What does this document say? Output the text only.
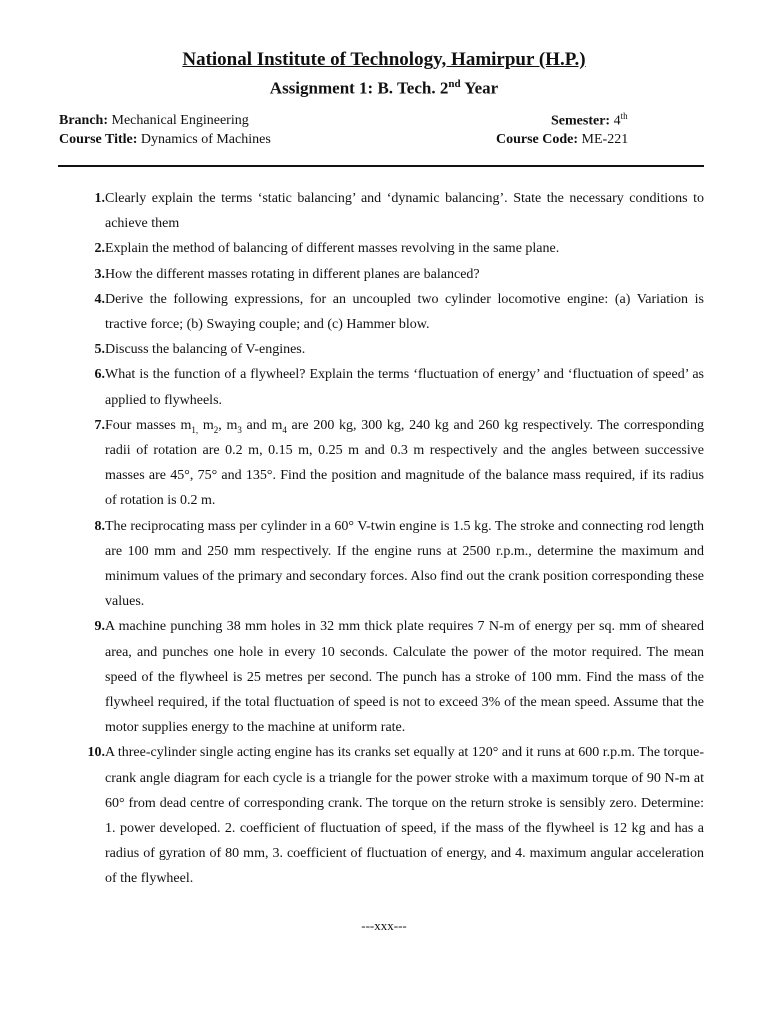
National Institute of Technology, Hamirpur (H.P.)
Assignment 1: B. Tech. 2nd Year
Branch: Mechanical Engineering	Semester: 4th
Course Title: Dynamics of Machines	Course Code: ME-221
1. Clearly explain the terms ‘static balancing’ and ‘dynamic balancing’. State the necessary conditions to achieve them
2. Explain the method of balancing of different masses revolving in the same plane.
3. How the different masses rotating in different planes are balanced?
4. Derive the following expressions, for an uncoupled two cylinder locomotive engine: (a) Variation is tractive force; (b) Swaying couple; and (c) Hammer blow.
5. Discuss the balancing of V-engines.
6. What is the function of a flywheel? Explain the terms ‘fluctuation of energy’ and ‘fluctuation of speed’ as applied to flywheels.
7. Four masses $m_{1,}$ $m_2$, $m_3$ and $m_4$ are 200 kg, 300 kg, 240 kg and 260 kg respectively. The corresponding radii of rotation are 0.2 m, 0.15 m, 0.25 m and 0.3 m respectively and the angles between successive masses are 45°, 75° and 135°. Find the position and magnitude of the balance mass required, if its radius of rotation is 0.2 m.
8. The reciprocating mass per cylinder in a 60° V-twin engine is 1.5 kg. The stroke and connecting rod length are 100 mm and 250 mm respectively. If the engine runs at 2500 r.p.m., determine the maximum and minimum values of the primary and secondary forces. Also find out the crank position corresponding these values.
9. A machine punching 38 mm holes in 32 mm thick plate requires 7 N-m of energy per sq. mm of sheared area, and punches one hole in every 10 seconds. Calculate the power of the motor required. The mean speed of the flywheel is 25 metres per second. The punch has a stroke of 100 mm. Find the mass of the flywheel required, if the total fluctuation of speed is not to exceed 3% of the mean speed. Assume that the motor supplies energy to the machine at uniform rate.
10. A three-cylinder single acting engine has its cranks set equally at 120° and it runs at 600 r.p.m. The torque-crank angle diagram for each cycle is a triangle for the power stroke with a maximum torque of 90 N-m at 60° from dead centre of corresponding crank. The torque on the return stroke is sensibly zero. Determine: 1. power developed. 2. coefficient of fluctuation of speed, if the mass of the flywheel is 12 kg and has a radius of gyration of 80 mm, 3. coefficient of fluctuation of energy, and 4. maximum angular acceleration of the flywheel.
---xxx---
